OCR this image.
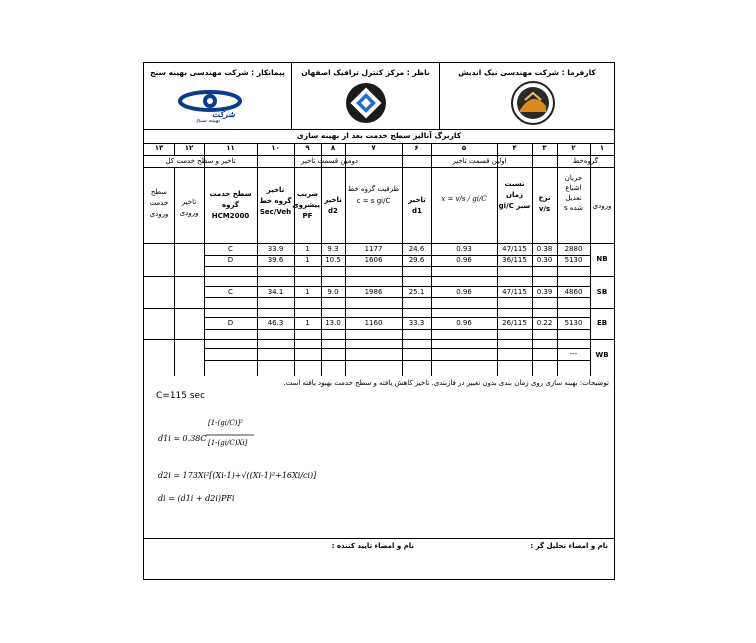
پیمانکار : شرکت مهندسی بهینه سنج
شرکت
بهینه سنج
ناظر : مرکز کنترل ترافیک اصفهان	کارفرما : شرکت مهندسی نیک اندیش
کاربرگ آنالیز سطح خدمت بعد از بهینه سازی
۱
۲
۳
۴
۵
۶
۷
۸
۹
۱۰
۱۱
۱۲
۱۳
گروه‌خط
اولین قسمت تاخیر
دومین قسمت تاخیر
تاخیر و سطح خدمت کل
ورودی
جریان اشباع تعدیل شده s
نرخ v/s
نسبت زمان سبز gi/C
x = v/s / gi/C
تاخیر d1
ظرفیت گروه خط c = s gi/C
تاخیر d2
ضریب پیشروی PF
تاخیر گروه خط Sec/Veh
سطح خدمت گروه HCM2000
تاخیر ورودی
سطح خدمت ورودی
NB
2880
0.38
47/115
0.93
24.6
1177
9.3
1
33.9
C
5130
0.30
36/115
0.96
29.6
1606
10.5
1
39.6
D
SB
4860
0.39
47/115
0.96
25.1
1986
9.0
1
34.1
C
EB
5130
0.22
26/115
0.96
33.3
1160
13.0
1
46.3
D
WB
---
توضیحات: بهینه سازی روی زمان بندی بدون تغییر در فازبندی. تاخیر کاهش یافته و سطح خدمت بهبود یافته است.
C=115 sec
d1i = 0.38C
[1-(gi/C)]²
[1-(gi/C)Xi]
d2i = 173Xi²[(Xi-1)+√((Xi-1)²+16Xi/ci)]
di = (d1i + d2i)PFi
نام و امضاء تحلیل گر :
نام و امضاء تایید کننده :
